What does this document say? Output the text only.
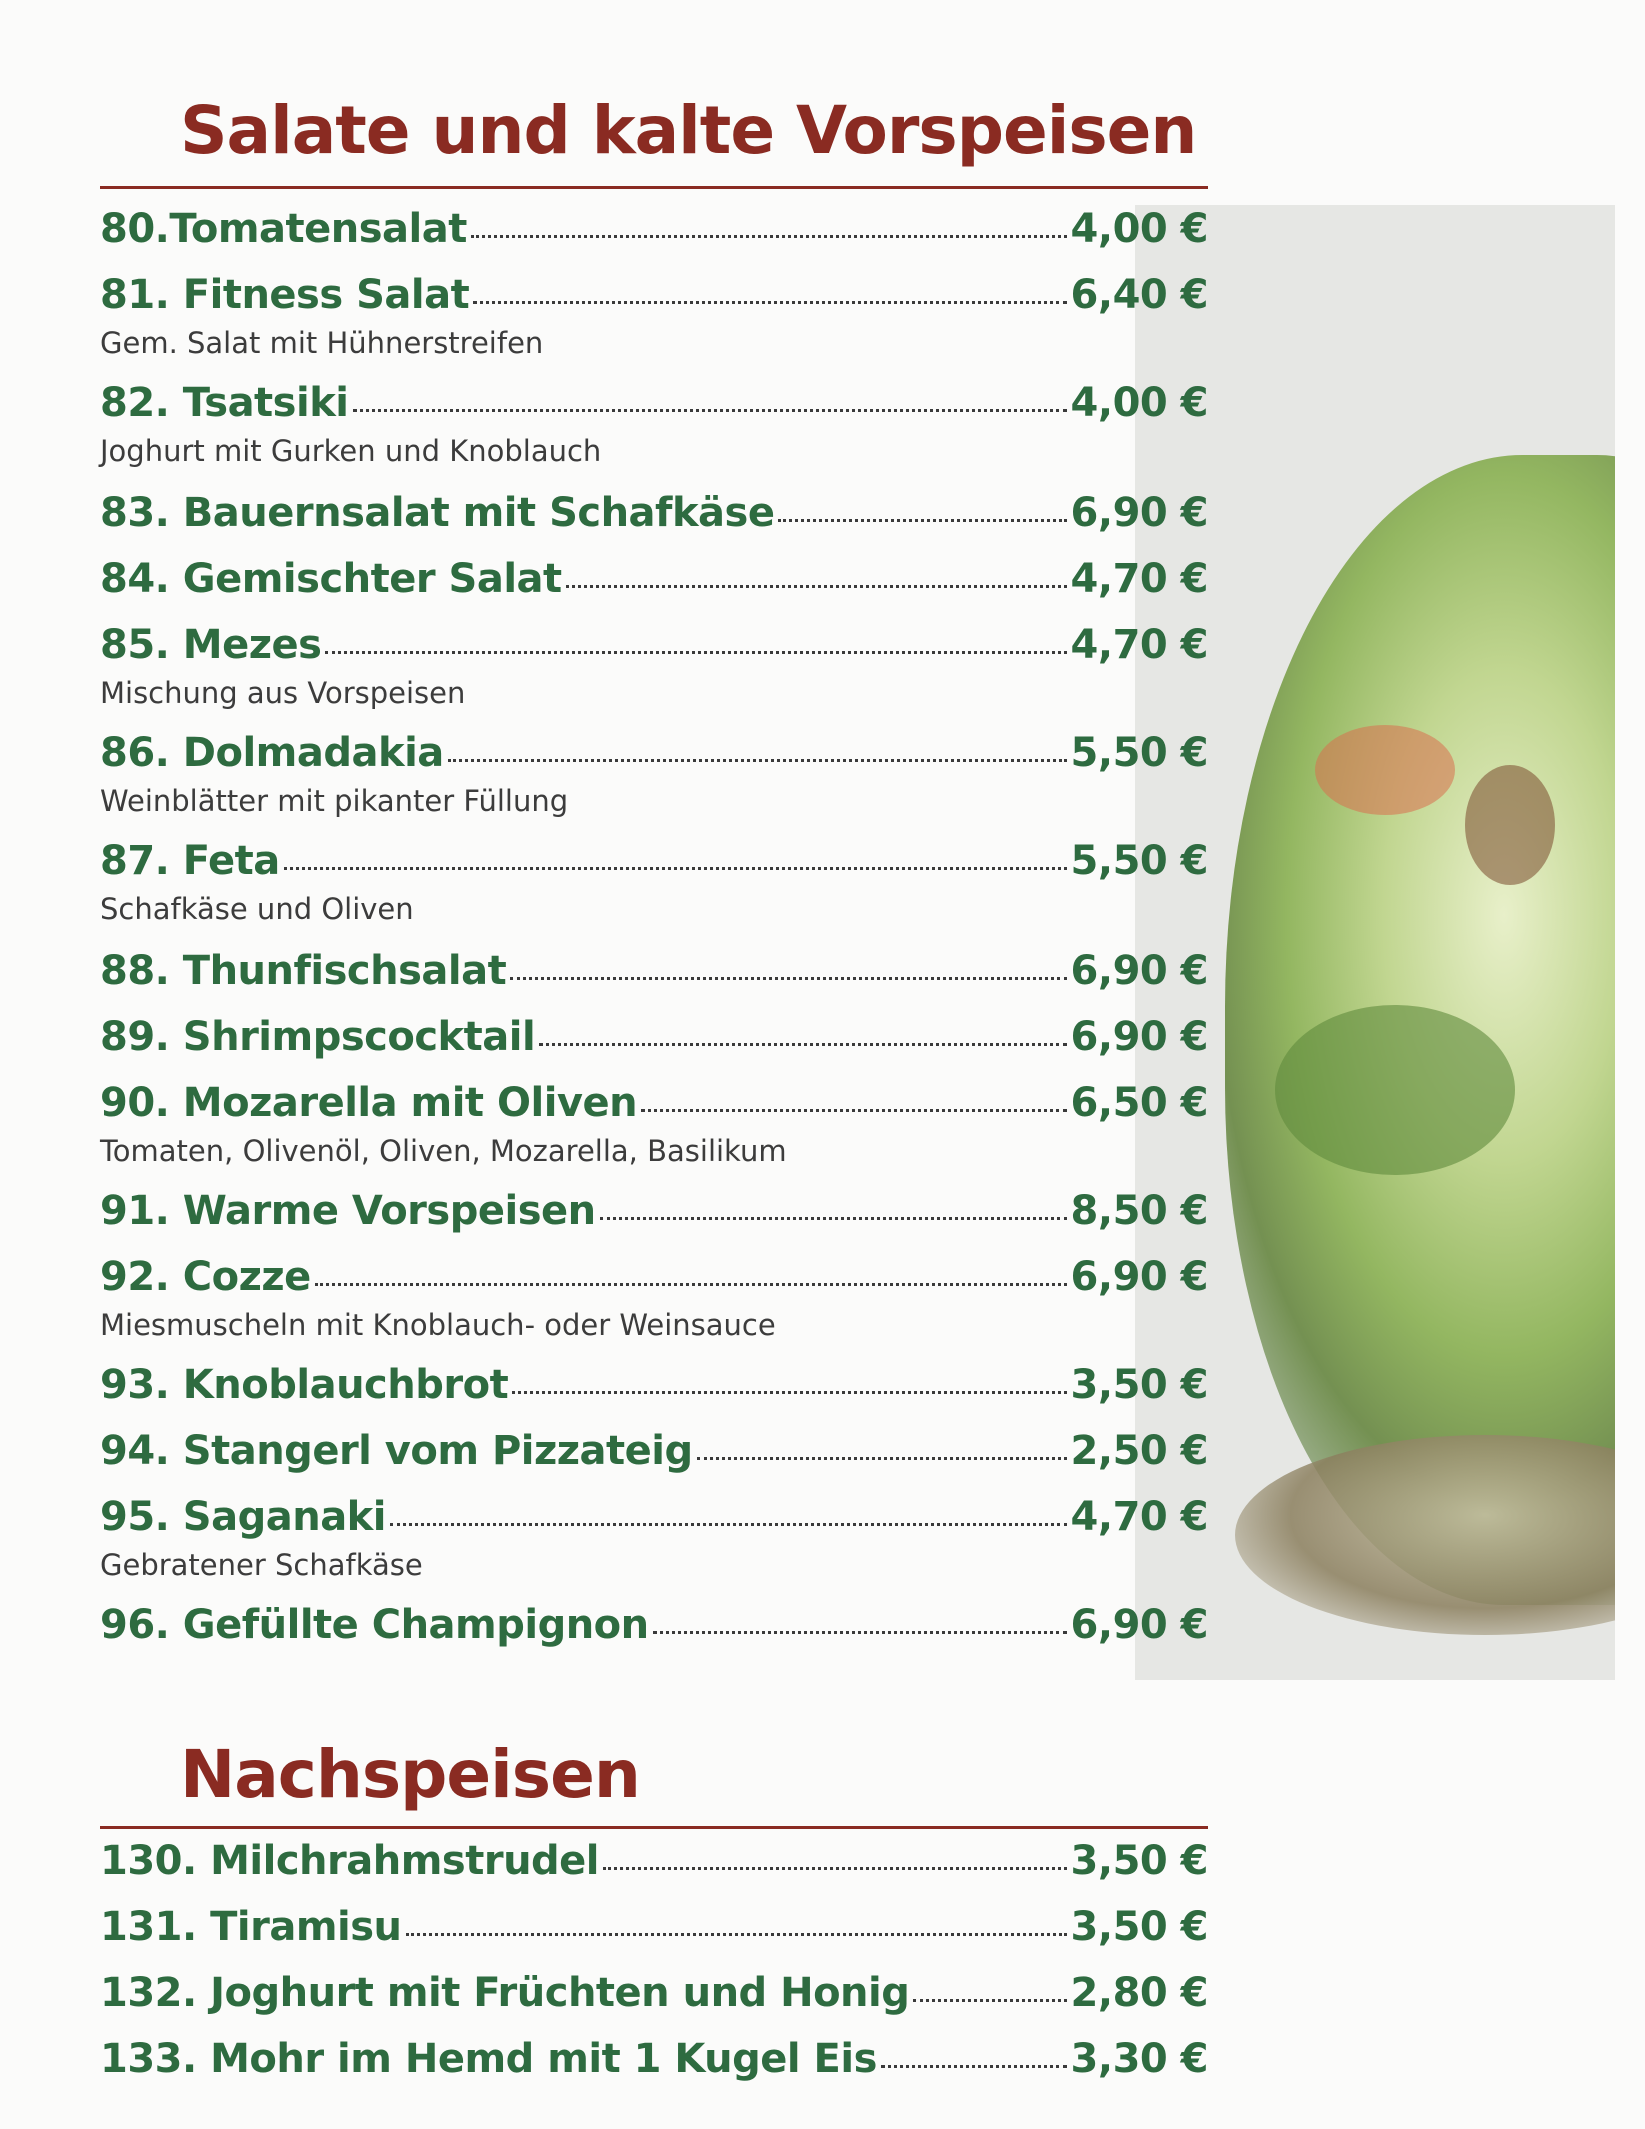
Salate und kalte Vorspeisen
80.Tomatensalat	4,00 €
81. Fitness Salat	6,40 €
Gem. Salat mit Hühnerstreifen
82. Tsatsiki	4,00 €
Joghurt mit Gurken und Knoblauch
83. Bauernsalat mit Schafkäse	6,90 €
84. Gemischter Salat	4,70 €
85. Mezes	4,70 €
Mischung aus Vorspeisen
86. Dolmadakia	5,50 €
Weinblätter mit pikanter Füllung
87. Feta	5,50 €
Schafkäse und Oliven
88. Thunfischsalat	6,90 €
89. Shrimpscocktail	6,90 €
90. Mozarella mit Oliven	6,50 €
Tomaten, Olivenöl, Oliven, Mozarella, Basilikum
91. Warme Vorspeisen	8,50 €
92. Cozze	6,90 €
Miesmuscheln mit Knoblauch- oder Weinsauce
93. Knoblauchbrot	3,50 €
94. Stangerl vom Pizzateig	2,50 €
95. Saganaki	4,70 €
Gebratener Schafkäse
96. Gefüllte Champignon	6,90 €
Nachspeisen
130. Milchrahmstrudel	3,50 €
131. Tiramisu	3,50 €
132. Joghurt mit Früchten und Honig	2,80 €
133. Mohr im Hemd mit 1 Kugel Eis	3,30 €
